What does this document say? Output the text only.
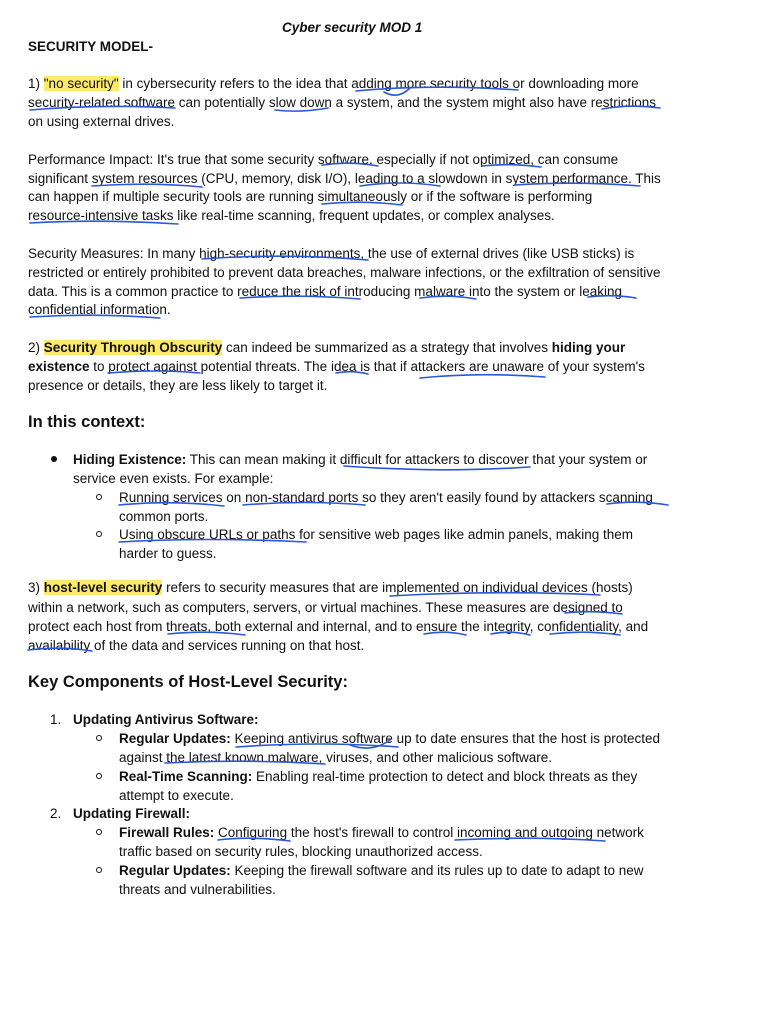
Cyber security MOD 1
SECURITY MODEL-
1) "no security" in cybersecurity refers to the idea that adding more security tools or downloading more
security-related software can potentially slow down a system, and the system might also have restrictions
on using external drives.
Performance Impact: It's true that some security software, especially if not optimized, can consume
significant system resources (CPU, memory, disk I/O), leading to a slowdown in system performance. This
can happen if multiple security tools are running simultaneously or if the software is performing
resource-intensive tasks like real-time scanning, frequent updates, or complex analyses.
Security Measures: In many high-security environments, the use of external drives (like USB sticks) is
restricted or entirely prohibited to prevent data breaches, malware infections, or the exfiltration of sensitive
data. This is a common practice to reduce the risk of introducing malware into the system or leaking
confidential information.
2) Security Through Obscurity can indeed be summarized as a strategy that involves hiding your
existence to protect against potential threats. The idea is that if attackers are unaware of your system's
presence or details, they are less likely to target it.
In this context:
Hiding Existence: This can mean making it difficult for attackers to discover that your system or
service even exists. For example:
Running services on non-standard ports so they aren't easily found by attackers scanning
common ports.
Using obscure URLs or paths for sensitive web pages like admin panels, making them
harder to guess.
3) host-level security refers to security measures that are implemented on individual devices (hosts)
within a network, such as computers, servers, or virtual machines. These measures are designed to
protect each host from threats, both external and internal, and to ensure the integrity, confidentiality, and
availability of the data and services running on that host.
Key Components of Host-Level Security:
1. Updating Antivirus Software:
Regular Updates: Keeping antivirus software up to date ensures that the host is protected
against the latest known malware, viruses, and other malicious software.
Real-Time Scanning: Enabling real-time protection to detect and block threats as they
attempt to execute.
2. Updating Firewall:
Firewall Rules: Configuring the host's firewall to control incoming and outgoing network
traffic based on security rules, blocking unauthorized access.
Regular Updates: Keeping the firewall software and its rules up to date to adapt to new
threats and vulnerabilities.
